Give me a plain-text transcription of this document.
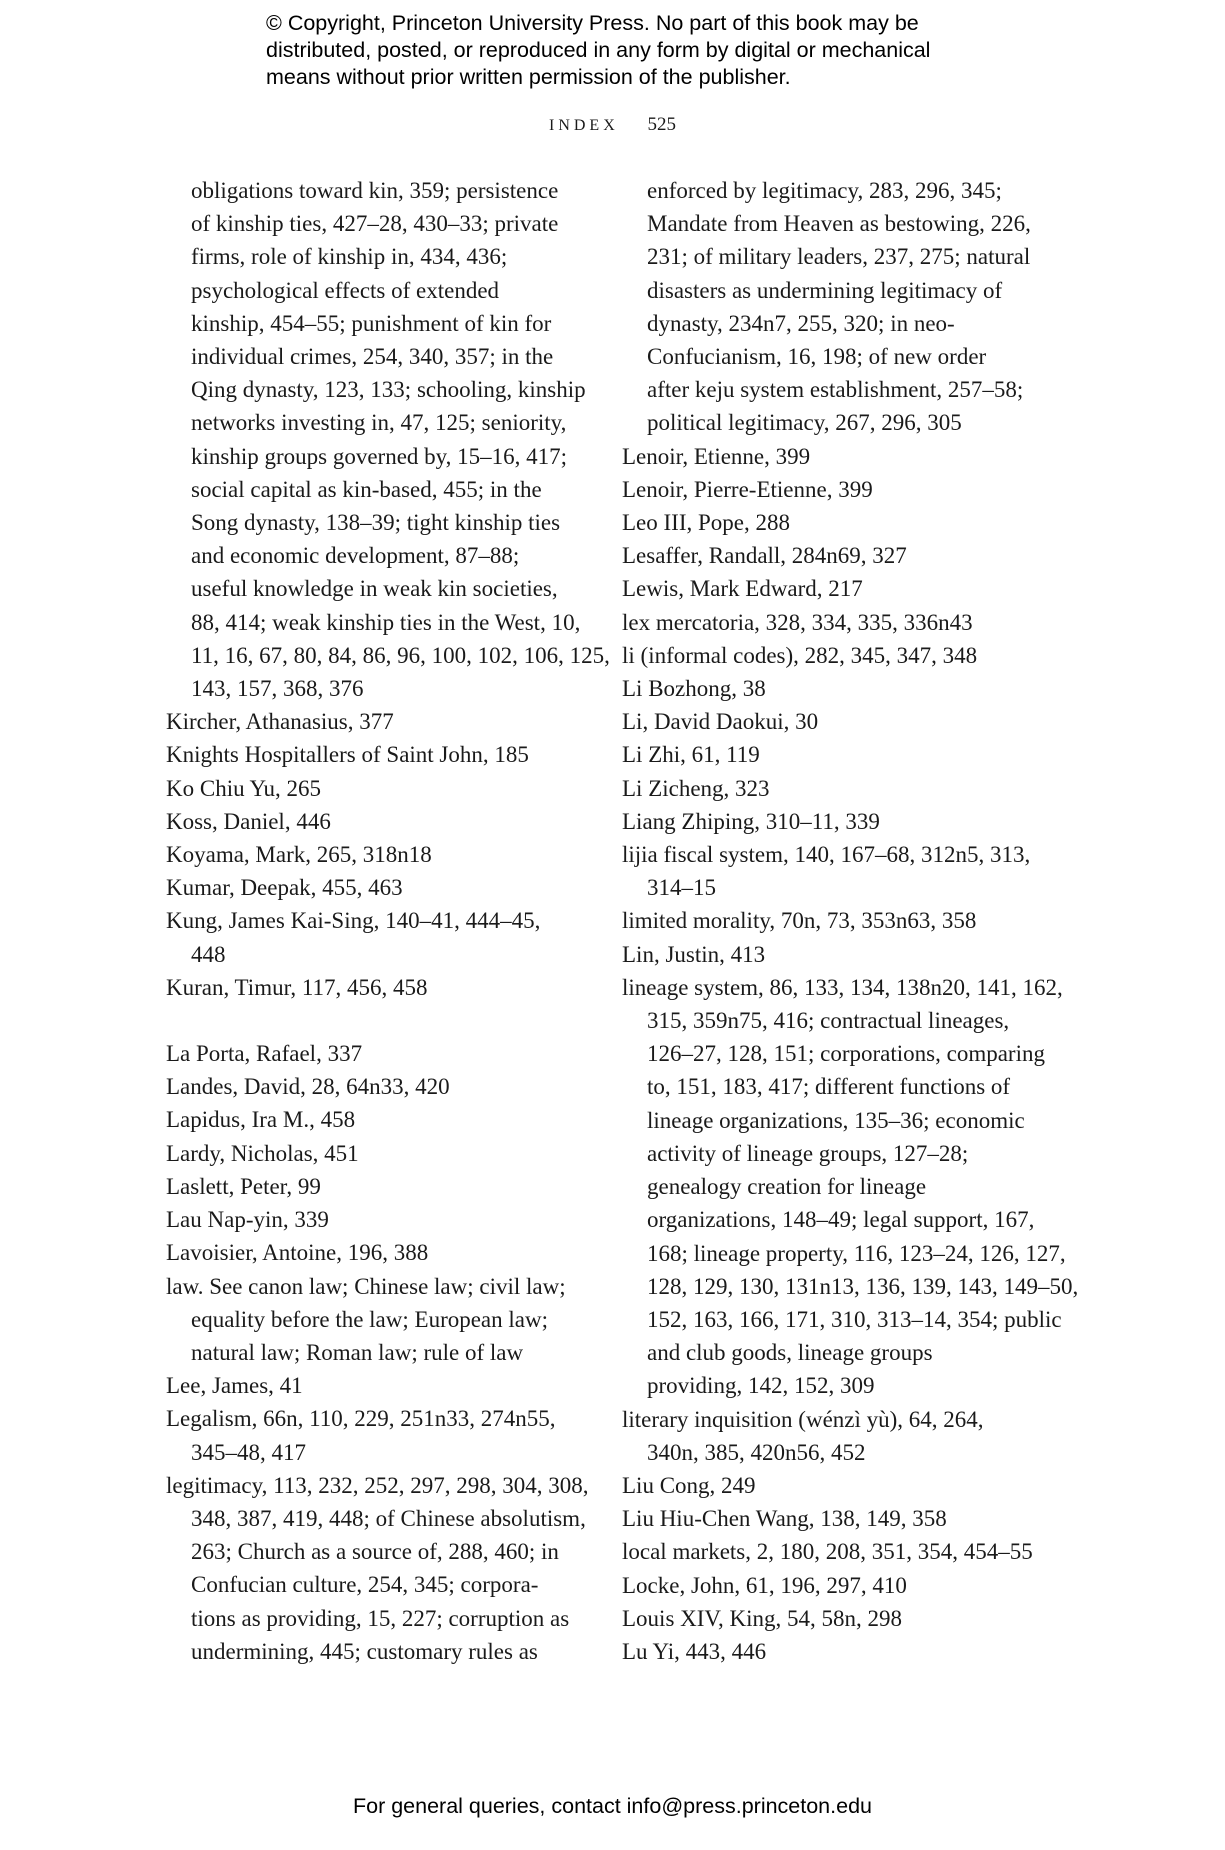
© Copyright, Princeton University Press. No part of this book may be
distributed, posted, or reproduced in any form by digital or mechanical
means without prior written permission of the publisher.
INDEX 525
obligations toward kin, 359; persistence
of kinship ties, 427–28, 430–33; private
firms, role of kinship in, 434, 436;
psychological effects of extended
kinship, 454–55; punishment of kin for
individual crimes, 254, 340, 357; in the
Qing dynasty, 123, 133; schooling, kinship
networks investing in, 47, 125; seniority,
kinship groups governed by, 15–16, 417;
social capital as kin-based, 455; in the
Song dynasty, 138–39; tight kinship ties
and economic development, 87–88;
useful knowledge in weak kin societies,
88, 414; weak kinship ties in the West, 10,
11, 16, 67, 80, 84, 86, 96, 100, 102, 106, 125,
143, 157, 368, 376
Kircher, Athanasius, 377
Knights Hospitallers of Saint John, 185
Ko Chiu Yu, 265
Koss, Daniel, 446
Koyama, Mark, 265, 318n18
Kumar, Deepak, 455, 463
Kung, James Kai-Sing, 140–41, 444–45,
448
Kuran, Timur, 117, 456, 458
La Porta, Rafael, 337
Landes, David, 28, 64n33, 420
Lapidus, Ira M., 458
Lardy, Nicholas, 451
Laslett, Peter, 99
Lau Nap-yin, 339
Lavoisier, Antoine, 196, 388
law. See canon law; Chinese law; civil law;
equality before the law; European law;
natural law; Roman law; rule of law
Lee, James, 41
Legalism, 66n, 110, 229, 251n33, 274n55,
345–48, 417
legitimacy, 113, 232, 252, 297, 298, 304, 308,
348, 387, 419, 448; of Chinese absolutism,
263; Church as a source of, 288, 460; in
Confucian culture, 254, 345; corpora-
tions as providing, 15, 227; corruption as
undermining, 445; customary rules as
enforced by legitimacy, 283, 296, 345;
Mandate from Heaven as bestowing, 226,
231; of military leaders, 237, 275; natural
disasters as undermining legitimacy of
dynasty, 234n7, 255, 320; in neo-
Confucianism, 16, 198; of new order
after keju system establishment, 257–58;
political legitimacy, 267, 296, 305
Lenoir, Etienne, 399
Lenoir, Pierre-Etienne, 399
Leo III, Pope, 288
Lesaffer, Randall, 284n69, 327
Lewis, Mark Edward, 217
lex mercatoria, 328, 334, 335, 336n43
li (informal codes), 282, 345, 347, 348
Li Bozhong, 38
Li, David Daokui, 30
Li Zhi, 61, 119
Li Zicheng, 323
Liang Zhiping, 310–11, 339
lijia fiscal system, 140, 167–68, 312n5, 313,
314–15
limited morality, 70n, 73, 353n63, 358
Lin, Justin, 413
lineage system, 86, 133, 134, 138n20, 141, 162,
315, 359n75, 416; contractual lineages,
126–27, 128, 151; corporations, comparing
to, 151, 183, 417; different functions of
lineage organizations, 135–36; economic
activity of lineage groups, 127–28;
genealogy creation for lineage
organizations, 148–49; legal support, 167,
168; lineage property, 116, 123–24, 126, 127,
128, 129, 130, 131n13, 136, 139, 143, 149–50,
152, 163, 166, 171, 310, 313–14, 354; public
and club goods, lineage groups
providing, 142, 152, 309
literary inquisition (wénzì yù), 64, 264,
340n, 385, 420n56, 452
Liu Cong, 249
Liu Hiu-Chen Wang, 138, 149, 358
local markets, 2, 180, 208, 351, 354, 454–55
Locke, John, 61, 196, 297, 410
Louis XIV, King, 54, 58n, 298
Lu Yi, 443, 446
For general queries, contact info@press.princeton.edu
